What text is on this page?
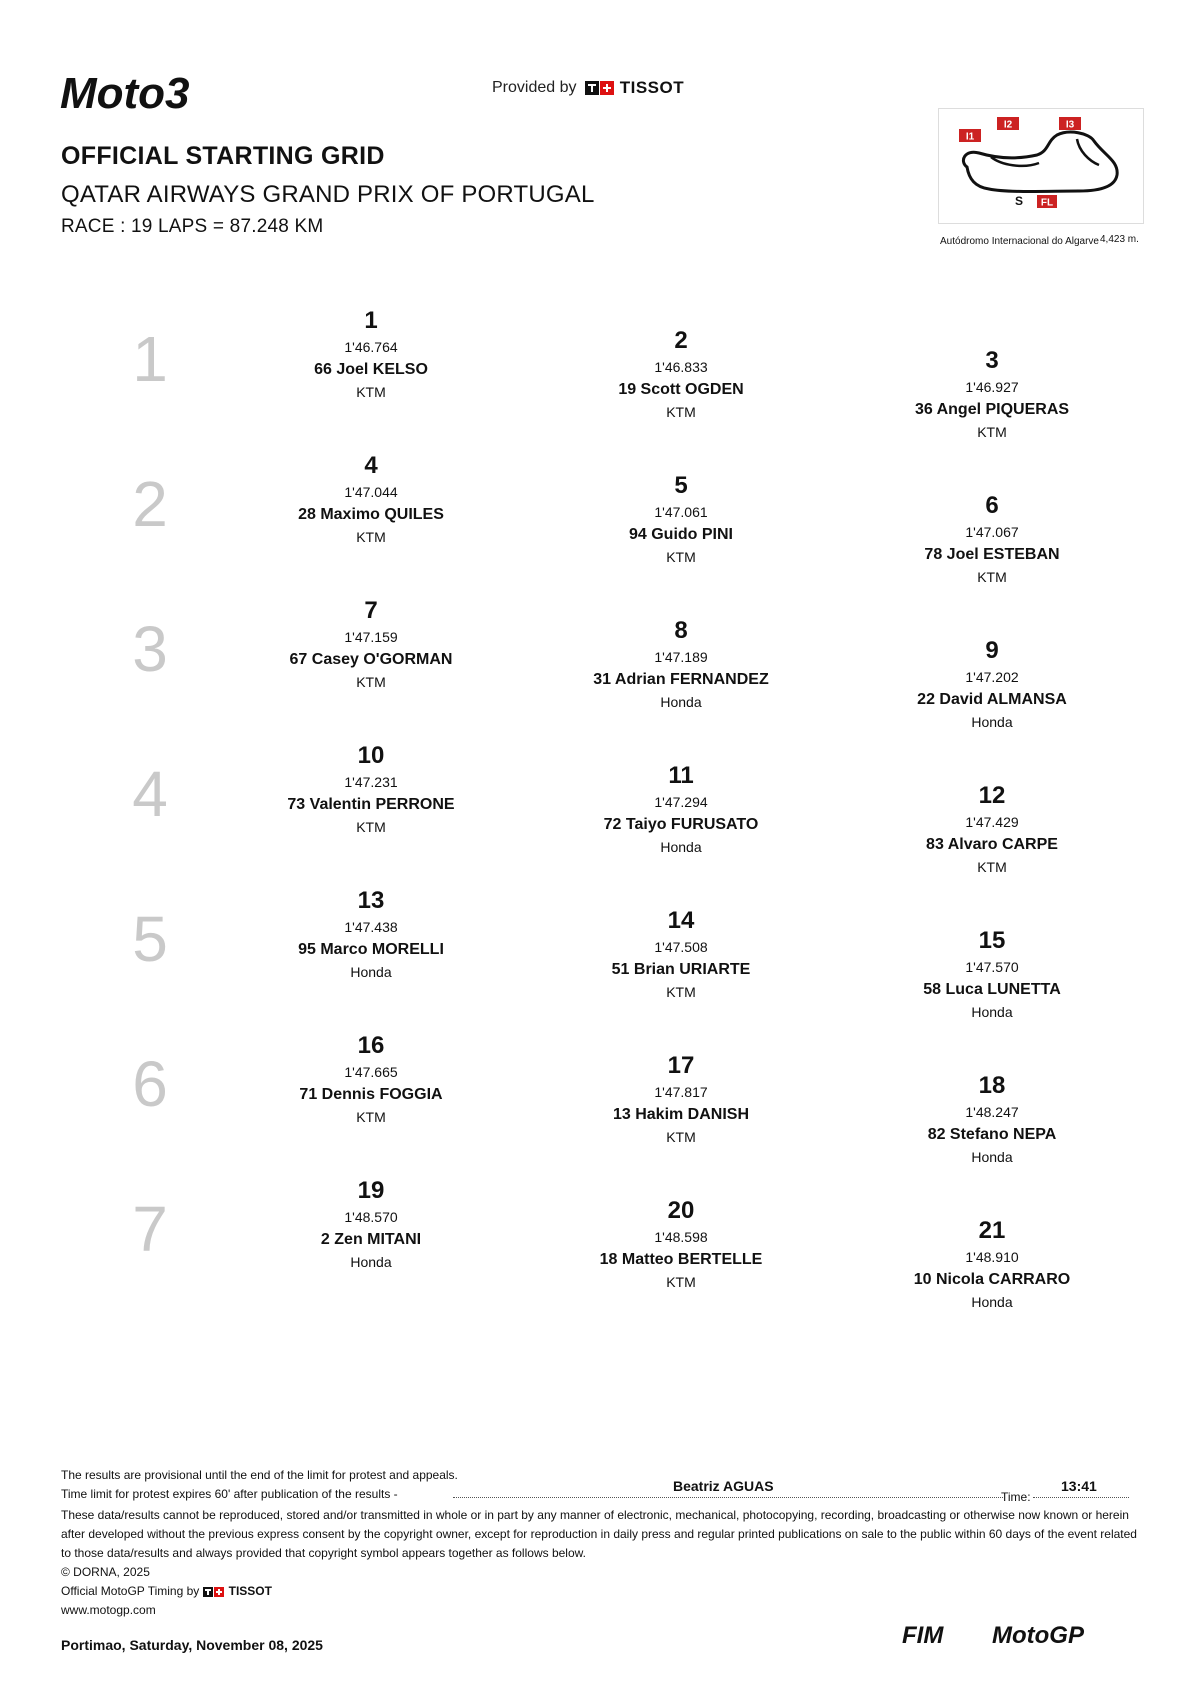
Moto3	Provided by
	TISSOT
OFFICIAL STARTING GRID
QATAR AIRWAYS GRAND PRIX OF PORTUGAL
RACE : 19 LAPS = 87.248 KM
I1
I2	I3
S FL
Autódromo Internacional do Algarve 4,423 m.
1
2
3
4
5
6
7
1
1'46.764
66 Joel KELSO
KTM
2
1'46.833
19 Scott OGDEN
KTM
3
1'46.927
36 Angel PIQUERAS
KTM
4
1'47.044
28 Maximo QUILES
KTM
5
1'47.061
94 Guido PINI
KTM
6
1'47.067
78 Joel ESTEBAN
KTM
7
1'47.159
67 Casey O'GORMAN
KTM
8
1'47.189
31 Adrian FERNANDEZ
Honda
9
1'47.202
22 David ALMANSA
Honda
10
1'47.231
73 Valentin PERRONE
KTM
11
1'47.294
72 Taiyo FURUSATO
Honda
12
1'47.429
83 Alvaro CARPE
KTM
13
1'47.438
95 Marco MORELLI
Honda
14
1'47.508
51 Brian URIARTE
KTM
15
1'47.570
58 Luca LUNETTA
Honda
16
1'47.665
71 Dennis FOGGIA
KTM
17
1'47.817
13 Hakim DANISH
KTM
18
1'48.247
82 Stefano NEPA
Honda
19
1'48.570
2 Zen MITANI
Honda
20
1'48.598
18 Matteo BERTELLE
KTM
21
1'48.910
10 Nicola CARRARO
Honda
The results are provisional until the end of the limit for protest and appeals.
Time limit for protest expires 60' after publication of the results -	Beatriz AGUAS
Time:
13:41
These data/results cannot be reproduced, stored and/or transmitted in whole or in part by any manner of electronic, mechanical, photocopying, recording, broadcasting or otherwise now known or herein after developed without the previous express consent by the copyright owner, except for reproduction in daily press and regular printed publications on sale to the public within 60 days of the event related to those data/results and always provided that copyright symbol appears together as follows below.
© DORNA, 2025
Official MotoGP Timing by
TISSOT
www.motogp.com
Portimao, Saturday, November 08, 2025	FIM MotoGP
